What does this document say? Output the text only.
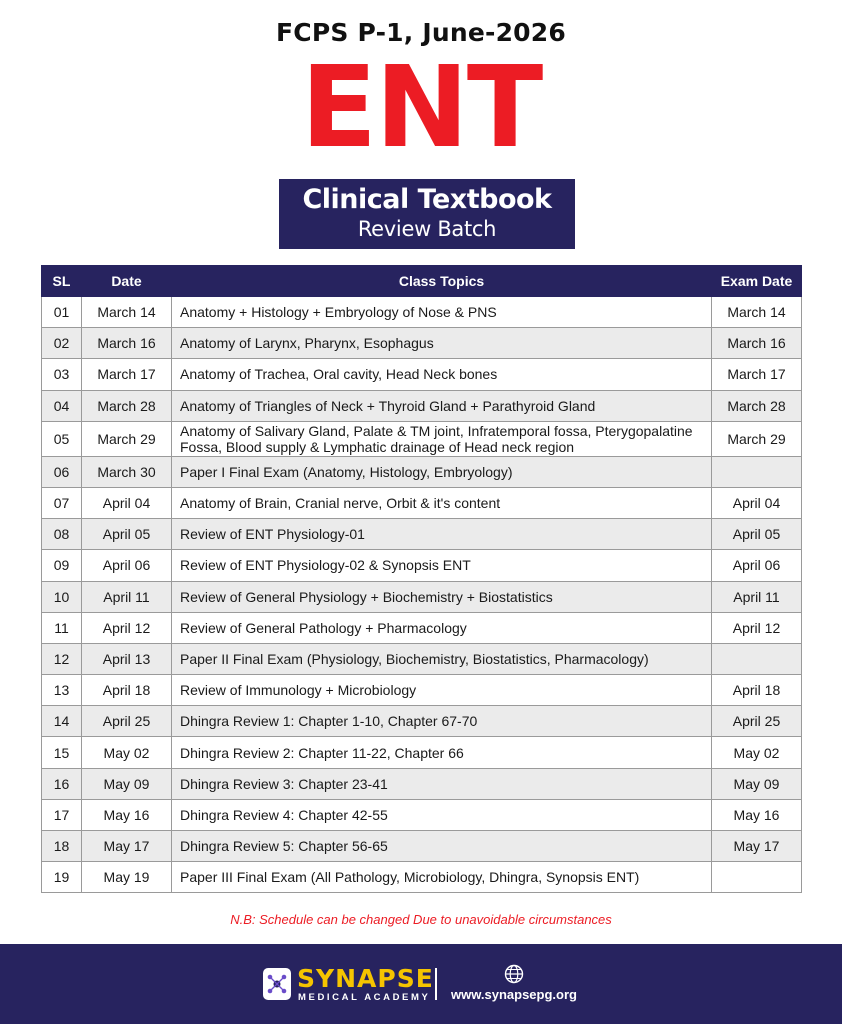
FCPS P-1, June-2026
ENT
Clinical Textbook
Review Batch
SL	Date	Class Topics	Exam Date
01	March 14	Anatomy + Histology + Embryology of Nose & PNS	March 14
02	March 16	Anatomy of Larynx, Pharynx, Esophagus	March 16
03	March 17	Anatomy of Trachea, Oral cavity, Head Neck bones	March 17
04	March 28	Anatomy of Triangles of Neck + Thyroid Gland + Parathyroid Gland	March 28
05	March 29	Anatomy of Salivary Gland, Palate & TM joint, Infratemporal fossa, Pterygopalatine Fossa, Blood supply & Lymphatic drainage of Head neck region	March 29
06	March 30	Paper I Final Exam (Anatomy, Histology, Embryology)	
07	April 04	Anatomy of Brain, Cranial nerve, Orbit & it's content	April 04
08	April 05	Review of ENT Physiology-01	April 05
09	April 06	Review of ENT Physiology-02 & Synopsis ENT	April 06
10	April 11	Review of General Physiology + Biochemistry + Biostatistics	April 11
11	April 12	Review of General Pathology + Pharmacology	April 12
12	April 13	Paper II Final Exam (Physiology, Biochemistry, Biostatistics, Pharmacology)	
13	April 18	Review of Immunology + Microbiology	April 18
14	April 25	Dhingra Review 1: Chapter 1-10, Chapter 67-70	April 25
15	May 02	Dhingra Review 2: Chapter 11-22, Chapter 66	May 02
16	May 09	Dhingra Review 3: Chapter 23-41	May 09
17	May 16	Dhingra Review 4: Chapter 42-55	May 16
18	May 17	Dhingra Review 5: Chapter 56-65	May 17
19	May 19	Paper III Final Exam (All Pathology, Microbiology, Dhingra, Synopsis ENT)	
N.B: Schedule can be changed Due to unavoidable circumstances
SYNAPSE
MEDICAL ACADEMY www.synapsepg.org
